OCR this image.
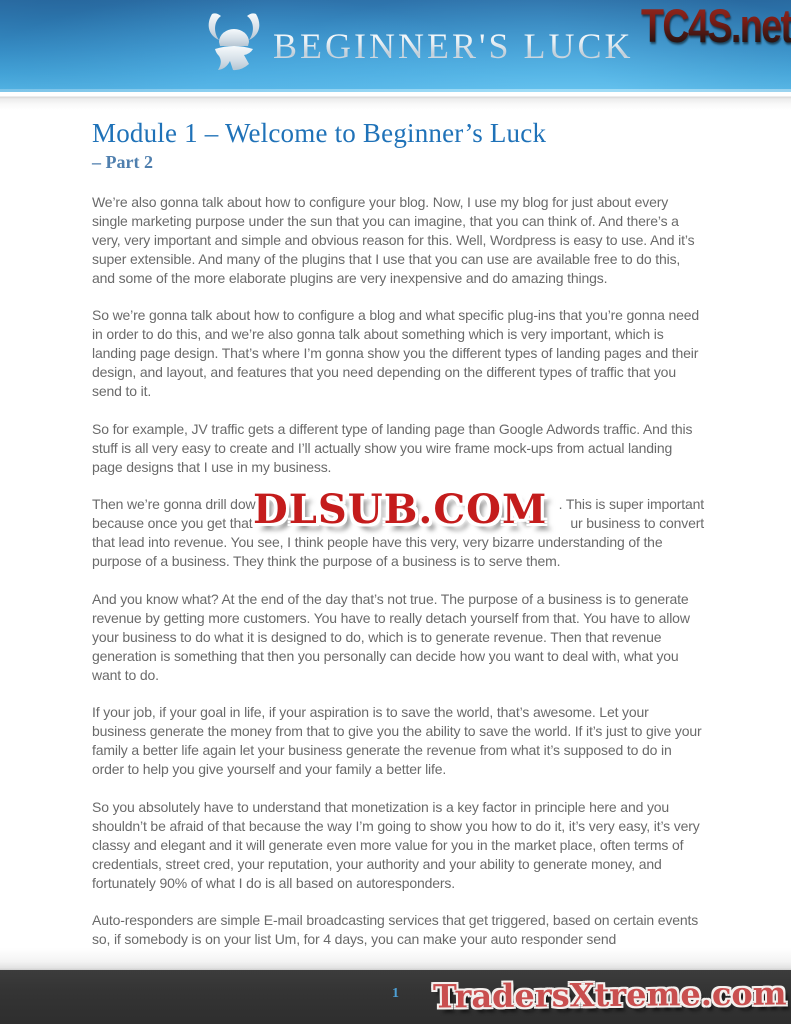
BEGINNER'S LUCK TC4S.net
Module 1 – Welcome to Beginner’s Luck
– Part 2

We’re also gonna talk about how to configure your blog. Now, I use my blog for just about every single marketing purpose under the sun that you can imagine, that you can think of. And there’s a very, very important and simple and obvious reason for this. Well, Wordpress is easy to use. And it’s super extensible. And many of the plugins that I use that you can use are available free to do this, and some of the more elaborate plugins are very inexpensive and do amazing things.

So we’re gonna talk about how to configure a blog and what specific plug-ins that you’re gonna need in order to do this, and we’re also gonna talk about something which is very important, which is landing page design. That’s where I’m gonna show you the different types of landing pages and their design, and layout, and features that you need depending on the different types of traffic that you send to it.

So for example, JV traffic gets a different type of landing page than Google Adwords traffic. And this stuff is all very easy to create and I’ll actually show you wire frame mock-ups from actual landing page designs that I use in my business.

Then we’re gonna drill dow	. This is super important
because once you get that	ur business to convert
that lead into revenue. You see, I think people have this very, very bizarre understanding of the
purpose of a business. They think the purpose of a business is to serve them.

And you know what? At the end of the day that’s not true. The purpose of a business is to generate revenue by getting more customers. You have to really detach yourself from that. You have to allow your business to do what it is designed to do, which is to generate revenue. Then that revenue generation is something that then you personally can decide how you want to deal with, what you want to do.

If your job, if your goal in life, if your aspiration is to save the world, that’s awesome. Let your business generate the money from that to give you the ability to save the world. If it’s just to give your family a better life again let your business generate the revenue from what it’s supposed to do in order to help you give yourself and your family a better life.

So you absolutely have to understand that monetization is a key factor in principle here and you shouldn’t be afraid of that because the way I’m going to show you how to do it, it’s very easy, it’s very classy and elegant and it will generate even more value for you in the market place, often terms of credentials, street cred, your reputation, your authority and your ability to generate money, and fortunately 90% of what I do is all based on autoresponders.

Auto-responders are simple E-mail broadcasting services that get triggered, based on certain events so, if somebody is on your list Um, for 4 days, you can make your auto responder send

DLSUB.COM
1 TradersXtreme.com
